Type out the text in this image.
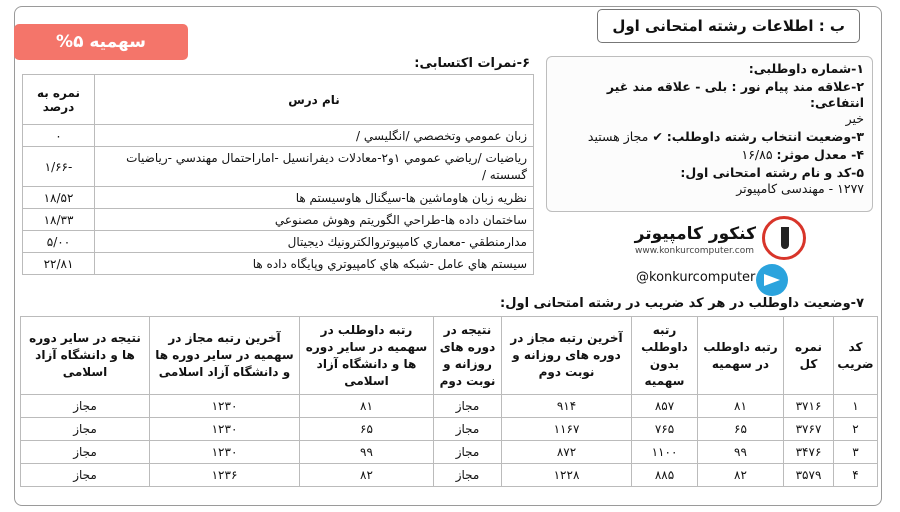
ب : اطلاعات رشته امتحانی اول
سهمیه ۵%
۱-شماره داوطلبی:
۲-علاقه مند پیام نور : بلی - علاقه مند غیر انتفاعی:
خیر
۳-وضعیت انتخاب رشته داوطلب: ✔ مجاز هستید
۴- معدل موثر: ۱۶/۸۵
۵-کد و نام رشته امتحانی اول:
۱۲۷۷ - مهندسی کامپیوتر
۶-نمرات اکتسابی:
نام درس	نمره به درصد
زبان عمومي وتخصصي /انگليسي /	۰
رياضيات /رياضي عمومي ۱و۲-معادلات ديفرانسيل -اماراحتمال مهندسي -رياضيات گسسته /	-۱/۶۶
نظريه زبان هاوماشين ها-سيگنال هاوسيستم ها	۱۸/۵۲
ساختمان داده ها-طراحي الگوريتم وهوش مصنوعي	۱۸/۳۳
مدارمنطقي -معماري كامپيوتروالكترونيك ديجيتال	۵/۰۰
سيستم هاي عامل -شبكه هاي كامپيوتري وپايگاه داده ها	۲۲/۸۱
کنکور کامپیوتر
www.konkurcomputer.com
@konkurcomputer
۷-وضعیت داوطلب در هر کد ضریب در رشته امتحانی اول:
کد ضریب	نمره کل	رتبه داوطلب در سهمیه	رتبه داوطلب بدون سهمیه	آخرین رتبه مجاز در دوره های روزانه و نوبت دوم	نتیجه در دوره های روزانه و نوبت دوم	رتبه داوطلب در سهمیه در سایر دوره ها و دانشگاه آزاد اسلامی	آخرین رتبه مجاز در سهمیه در سایر دوره ها و دانشگاه آزاد اسلامی	نتیجه در سایر دوره ها و دانشگاه آزاد اسلامی
۱	۳۷۱۶	۸۱	۸۵۷	۹۱۴	مجاز	۸۱	۱۲۳۰	مجاز
۲	۳۷۶۷	۶۵	۷۶۵	۱۱۶۷	مجاز	۶۵	۱۲۳۰	مجاز
۳	۳۴۷۶	۹۹	۱۱۰۰	۸۷۲	مجاز	۹۹	۱۲۳۰	مجاز
۴	۳۵۷۹	۸۲	۸۸۵	۱۲۲۸	مجاز	۸۲	۱۲۳۶	مجاز
